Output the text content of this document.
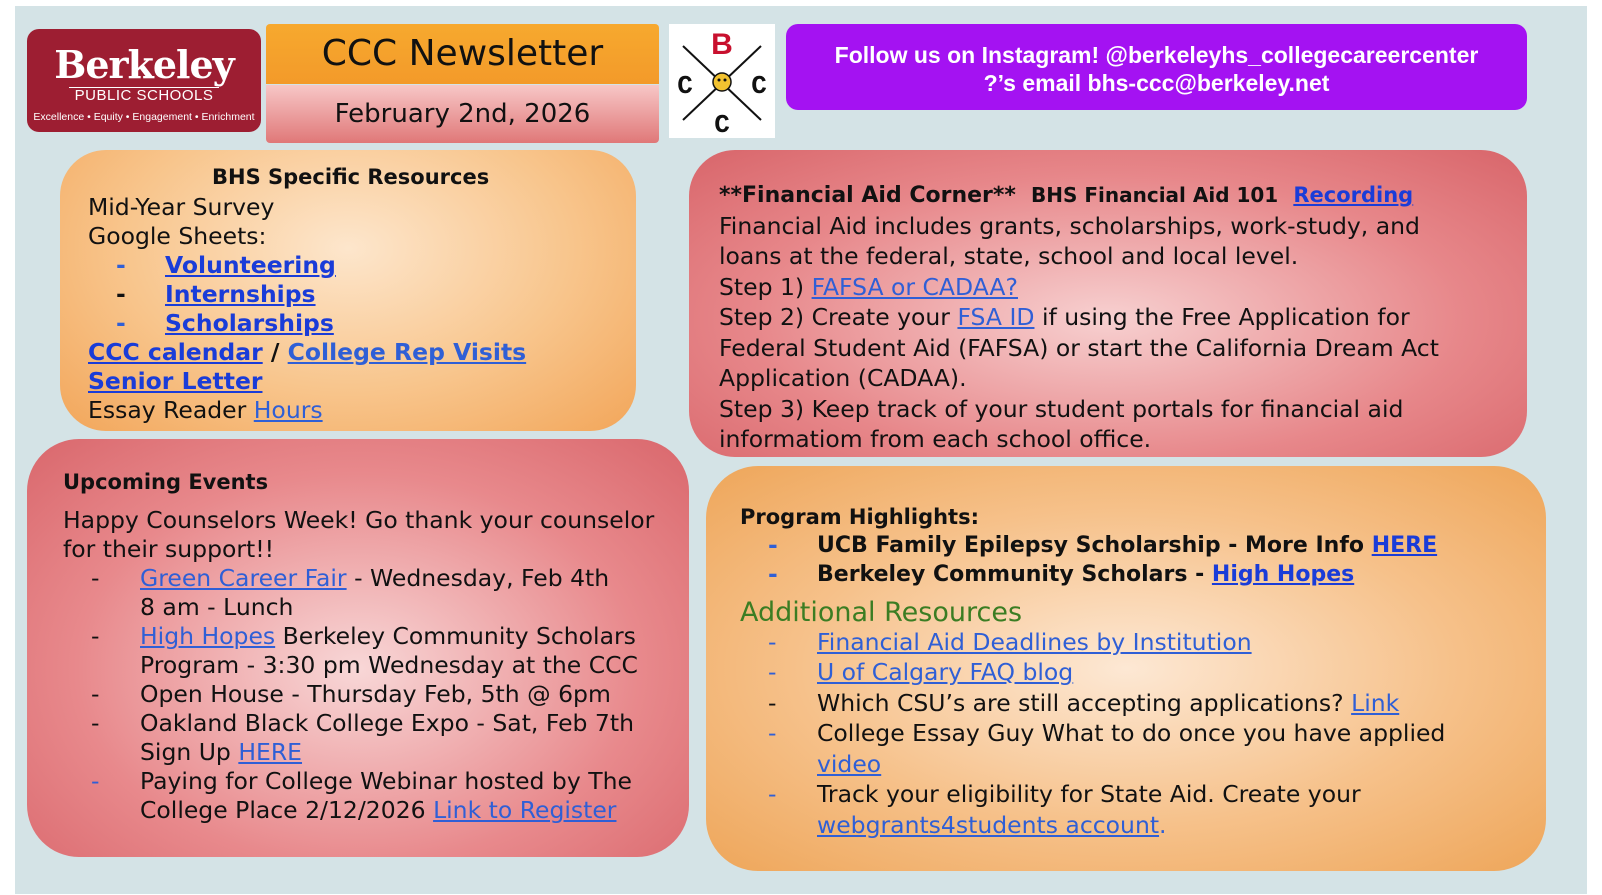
Berkeley
PUBLIC SCHOOLS
Excellence • Equity • Engagement • Enrichment
CCC Newsletter
February 2nd, 2026
B
C C
C
Follow us on Instagram! @berkeleyhs_collegecareercenter
?’s email bhs-ccc@berkeley.net
BHS Specific Resources
Mid-Year Survey
Google Sheets:
- Volunteering
- Internships
- Scholarships
CCC calendar / College Rep Visits
Senior Letter
Essay Reader Hours
**Financial Aid Corner** BHS Financial Aid 101 Recording
Financial Aid includes grants, scholarships, work-study, and
loans at the federal, state, school and local level.
Step 1) FAFSA or CADAA?
Step 2) Create your FSA ID if using the Free Application for
Federal Student Aid (FAFSA) or start the California Dream Act
Application (CADAA).
Step 3) Keep track of your student portals for financial aid
informatiom from each school office.
Upcoming Events
Happy Counselors Week! Go thank your counselor
for their support!!
- Green Career Fair - Wednesday, Feb 4th
8 am - Lunch
- High Hopes Berkeley Community Scholars
Program - 3:30 pm Wednesday at the CCC
- Open House - Thursday Feb, 5th @ 6pm
- Oakland Black College Expo - Sat, Feb 7th
Sign Up HERE
- Paying for College Webinar hosted by The
College Place 2/12/2026 Link to Register
Program Highlights:
- UCB Family Epilepsy Scholarship - More Info HERE
- Berkeley Community Scholars - High Hopes
Additional Resources
- Financial Aid Deadlines by Institution
- U of Calgary FAQ blog
- Which CSU’s are still accepting applications? Link
- College Essay Guy What to do once you have applied
video
- Track your eligibility for State Aid. Create your
webgrants4students account.
